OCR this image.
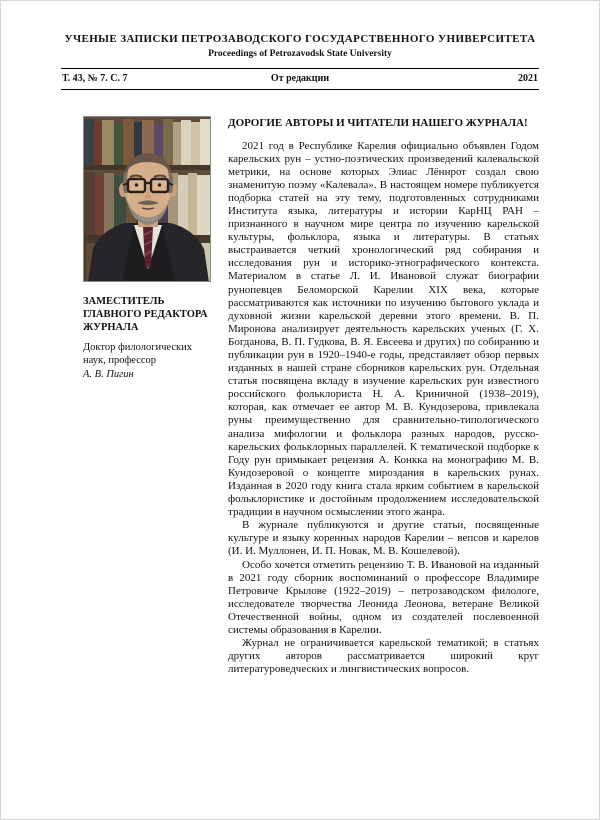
УЧЕНЫЕ ЗАПИСКИ ПЕТРОЗАВОДСКОГО ГОСУДАРСТВЕННОГО УНИВЕРСИТЕТА
Proceedings of Petrozavodsk State University
Т. 43, № 7. С. 7	От редакции	2021
ЗАМЕСТИТЕЛЬ ГЛАВНОГО РЕДАКТОРА ЖУРНАЛА
Доктор филологических наук, профессор
А. В. Пигин
ДОРОГИЕ АВТОРЫ И ЧИТАТЕЛИ НАШЕГО ЖУРНАЛА!

2021 год в Республике Карелия официально объявлен Годом карельских рун – устно-поэтических произведений калевальской метрики, на основе которых Элиас Лённрот создал свою знаменитую поэму «Калевала». В настоящем номере публикуется подборка статей на эту тему, подготовленных сотрудниками Института языка, литературы и истории КарНЦ РАН – признанного в научном мире центра по изучению карельской культуры, фольклора, языка и литературы. В статьях выстраивается четкий хронологический ряд собирания и исследования рун и историко-этнографического контекста. Материалом в статье Л. И. Ивановой служат биографии рунопевцев Беломорской Карелии XIX века, которые рассматриваются как источники по изучению бытового уклада и духовной жизни карельской деревни этого времени. В. П. Миронова анализирует деятельность карельских ученых (Г. Х. Богданова, В. П. Гудкова, В. Я. Евсеева и других) по собиранию и публикации рун в 1920–1940-е годы, представляет обзор первых изданных в нашей стране сборников карельских рун. Отдельная статья посвящена вкладу в изучение карельских рун известного российского фольклориста Н. А. Криничной (1938–2019), которая, как отмечает ее автор М. В. Кундозерова, привлекала руны преимущественно для сравнительно-типологического анализа мифологии и фольклора разных народов, русско-карельских фольклорных параллелей. К тематической подборке к Году рун примыкает рецензия А. Конкка на монографию М. В. Кундозеровой о концепте мироздания в карельских рунах. Изданная в 2020 году книга стала ярким событием в карельской фольклористике и достойным продолжением исследовательской традиции в научном осмыслении этого жанра.

В журнале публикуются и другие статьи, посвященные культуре и языку коренных народов Карелии – вепсов и карелов (И. И. Муллонен, И. П. Новак, М. В. Кошелевой).

Особо хочется отметить рецензию Т. В. Ивановой на изданный в 2021 году сборник воспоминаний о профессоре Владимире Петровиче Крылове (1922–2019) – петрозаводском филологе, исследователе творчества Леонида Леонова, ветеране Великой Отечественной войны, одном из создателей послевоенной системы образования в Карелии.

Журнал не ограничивается карельской тематикой; в статьях других авторов рассматривается широкий круг литературоведческих и лингвистических вопросов.
